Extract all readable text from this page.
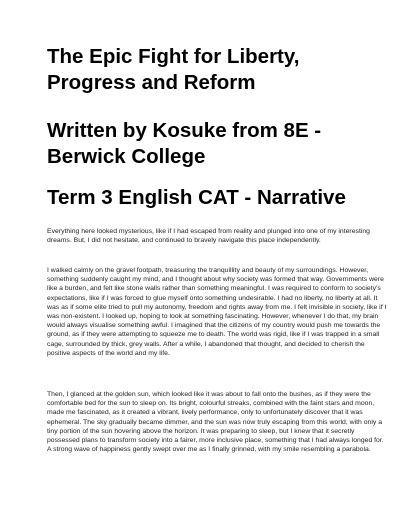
The Epic Fight for Liberty,
Progress and Reform
Written by Kosuke from 8E -
Berwick College
Term 3 English CAT - Narrative

Everything here looked mysterious, like if I had escaped from reality and plunged into one of my interesting dreams. But, I did not hesitate, and continued to bravely navigate this place independently.

I walked calmly on the gravel footpath, treasuring the tranquillity and beauty of my surroundings. However, something suddenly caught my mind, and I thought about why society was formed that way. Governments were like a burden, and felt like stone walls rather than something meaningful. I was required to conform to society's expectations, like if I was forced to glue myself onto something undesirable. I had no liberty, no liberty at all. It was as if some elite tried to pull my autonomy, freedom and rights away from me. I felt invisible in society, like if I was non-existent. I looked up, hoping to look at something fascinating. However, whenever I do that, my brain would always visualise something awful. I imagined that the citizens of my country would push me towards the ground, as if they were attempting to squeeze me to death. The world was rigid, like if I was trapped in a small cage, surrounded by thick, grey walls. After a while, I abandoned that thought, and decided to cherish the positive aspects of the world and my life.

Then, I glanced at the golden sun, which looked like it was about to fall onto the bushes, as if they were the comfortable bed for the sun to sleep on. Its bright, colourful streaks, combined with the faint stars and moon, made me fascinated, as it created a vibrant, lively performance, only to unfortunately discover that it was ephemeral. The sky gradually became dimmer, and the sun was now truly escaping from this world, with only a tiny portion of the sun hovering above the horizon. It was preparing to sleep, but I knew that it secretly possessed plans to transform society into a fairer, more inclusive place, something that I had always longed for. A strong wave of happiness gently swept over me as I finally grinned, with my smile resembling a parabola.
